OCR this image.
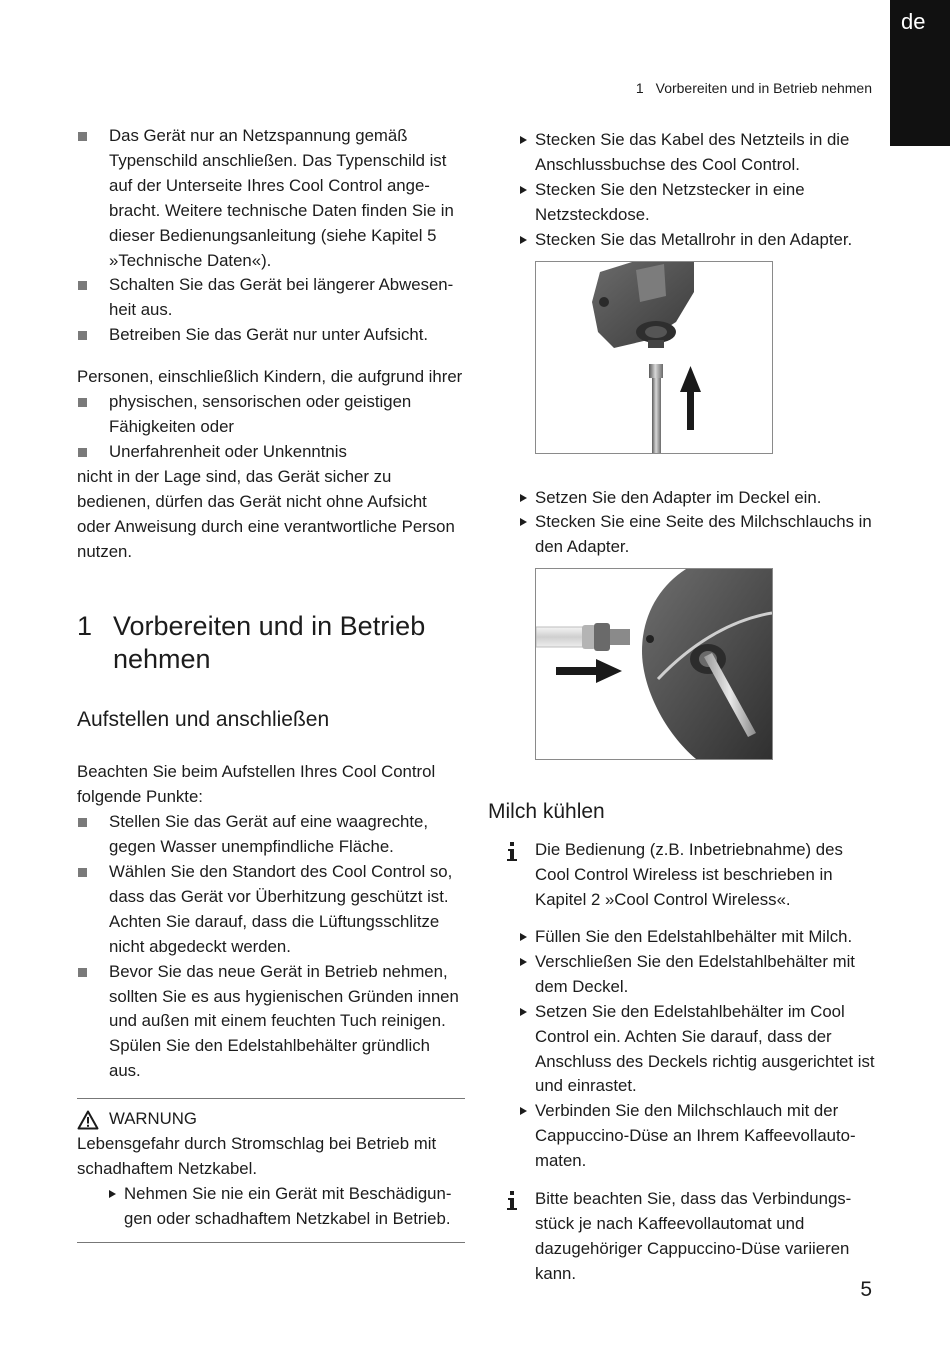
de
1 Vorbereiten und in Betrieb nehmen
Das Gerät nur an Netzspannung gemäß Typenschild anschließen. Das Typenschild ist auf der Unterseite Ihres Cool Control ange-bracht. Weitere technische Daten finden Sie in dieser Bedienungsanleitung (siehe Kapitel 5 »Technische Daten«).
Schalten Sie das Gerät bei längerer Abwesen-heit aus.
Betreiben Sie das Gerät nur unter Aufsicht.

Personen, einschließlich Kindern, die aufgrund ihrer

physischen, sensorischen oder geistigen Fähigkeiten oder
Unerfahrenheit oder Unkenntnis

nicht in der Lage sind, das Gerät sicher zu bedienen, dürfen das Gerät nicht ohne Aufsicht oder Anweisung durch eine verantwortliche Person nutzen.

1 Vorbereiten und in Betrieb nehmen
Aufstellen und anschließen

Beachten Sie beim Aufstellen Ihres Cool Control folgende Punkte:

Stellen Sie das Gerät auf eine waagrechte, gegen Wasser unempfindliche Fläche.
Wählen Sie den Standort des Cool Control so, dass das Gerät vor Überhitzung geschützt ist. Achten Sie darauf, dass die Lüftungsschlitze nicht abgedeckt werden.
Bevor Sie das neue Gerät in Betrieb nehmen, sollten Sie es aus hygienischen Gründen innen und außen mit einem feuchten Tuch reinigen. Spülen Sie den Edelstahlbehälter gründlich aus.
WARNUNG

Lebensgefahr durch Stromschlag bei Betrieb mit schadhaftem Netzkabel.

Nehmen Sie nie ein Gerät mit Beschädigun-gen oder schadhaftem Netzkabel in Betrieb.
Stecken Sie das Kabel des Netzteils in die Anschlussbuchse des Cool Control.
Stecken Sie den Netzstecker in eine Netzsteckdose.
Stecken Sie das Metallrohr in den Adapter.
Setzen Sie den Adapter im Deckel ein.
Stecken Sie eine Seite des Milchschlauchs in den Adapter.
Milch kühlen

Die Bedienung (z.B. Inbetriebnahme) des Cool Control Wireless ist beschrieben in Kapitel 2 »Cool Control Wireless«.

Füllen Sie den Edelstahlbehälter mit Milch.
Verschließen Sie den Edelstahlbehälter mit dem Deckel.
Setzen Sie den Edelstahlbehälter im Cool Control ein. Achten Sie darauf, dass der Anschluss des Deckels richtig ausgerichtet ist und einrastet.
Verbinden Sie den Milchschlauch mit der Cappuccino-Düse an Ihrem Kaffeevollauto-maten.

Bitte beachten Sie, dass das Verbindungs-stück je nach Kaffeevollautomat und dazugehöriger Cappuccino-Düse variieren kann.

5
